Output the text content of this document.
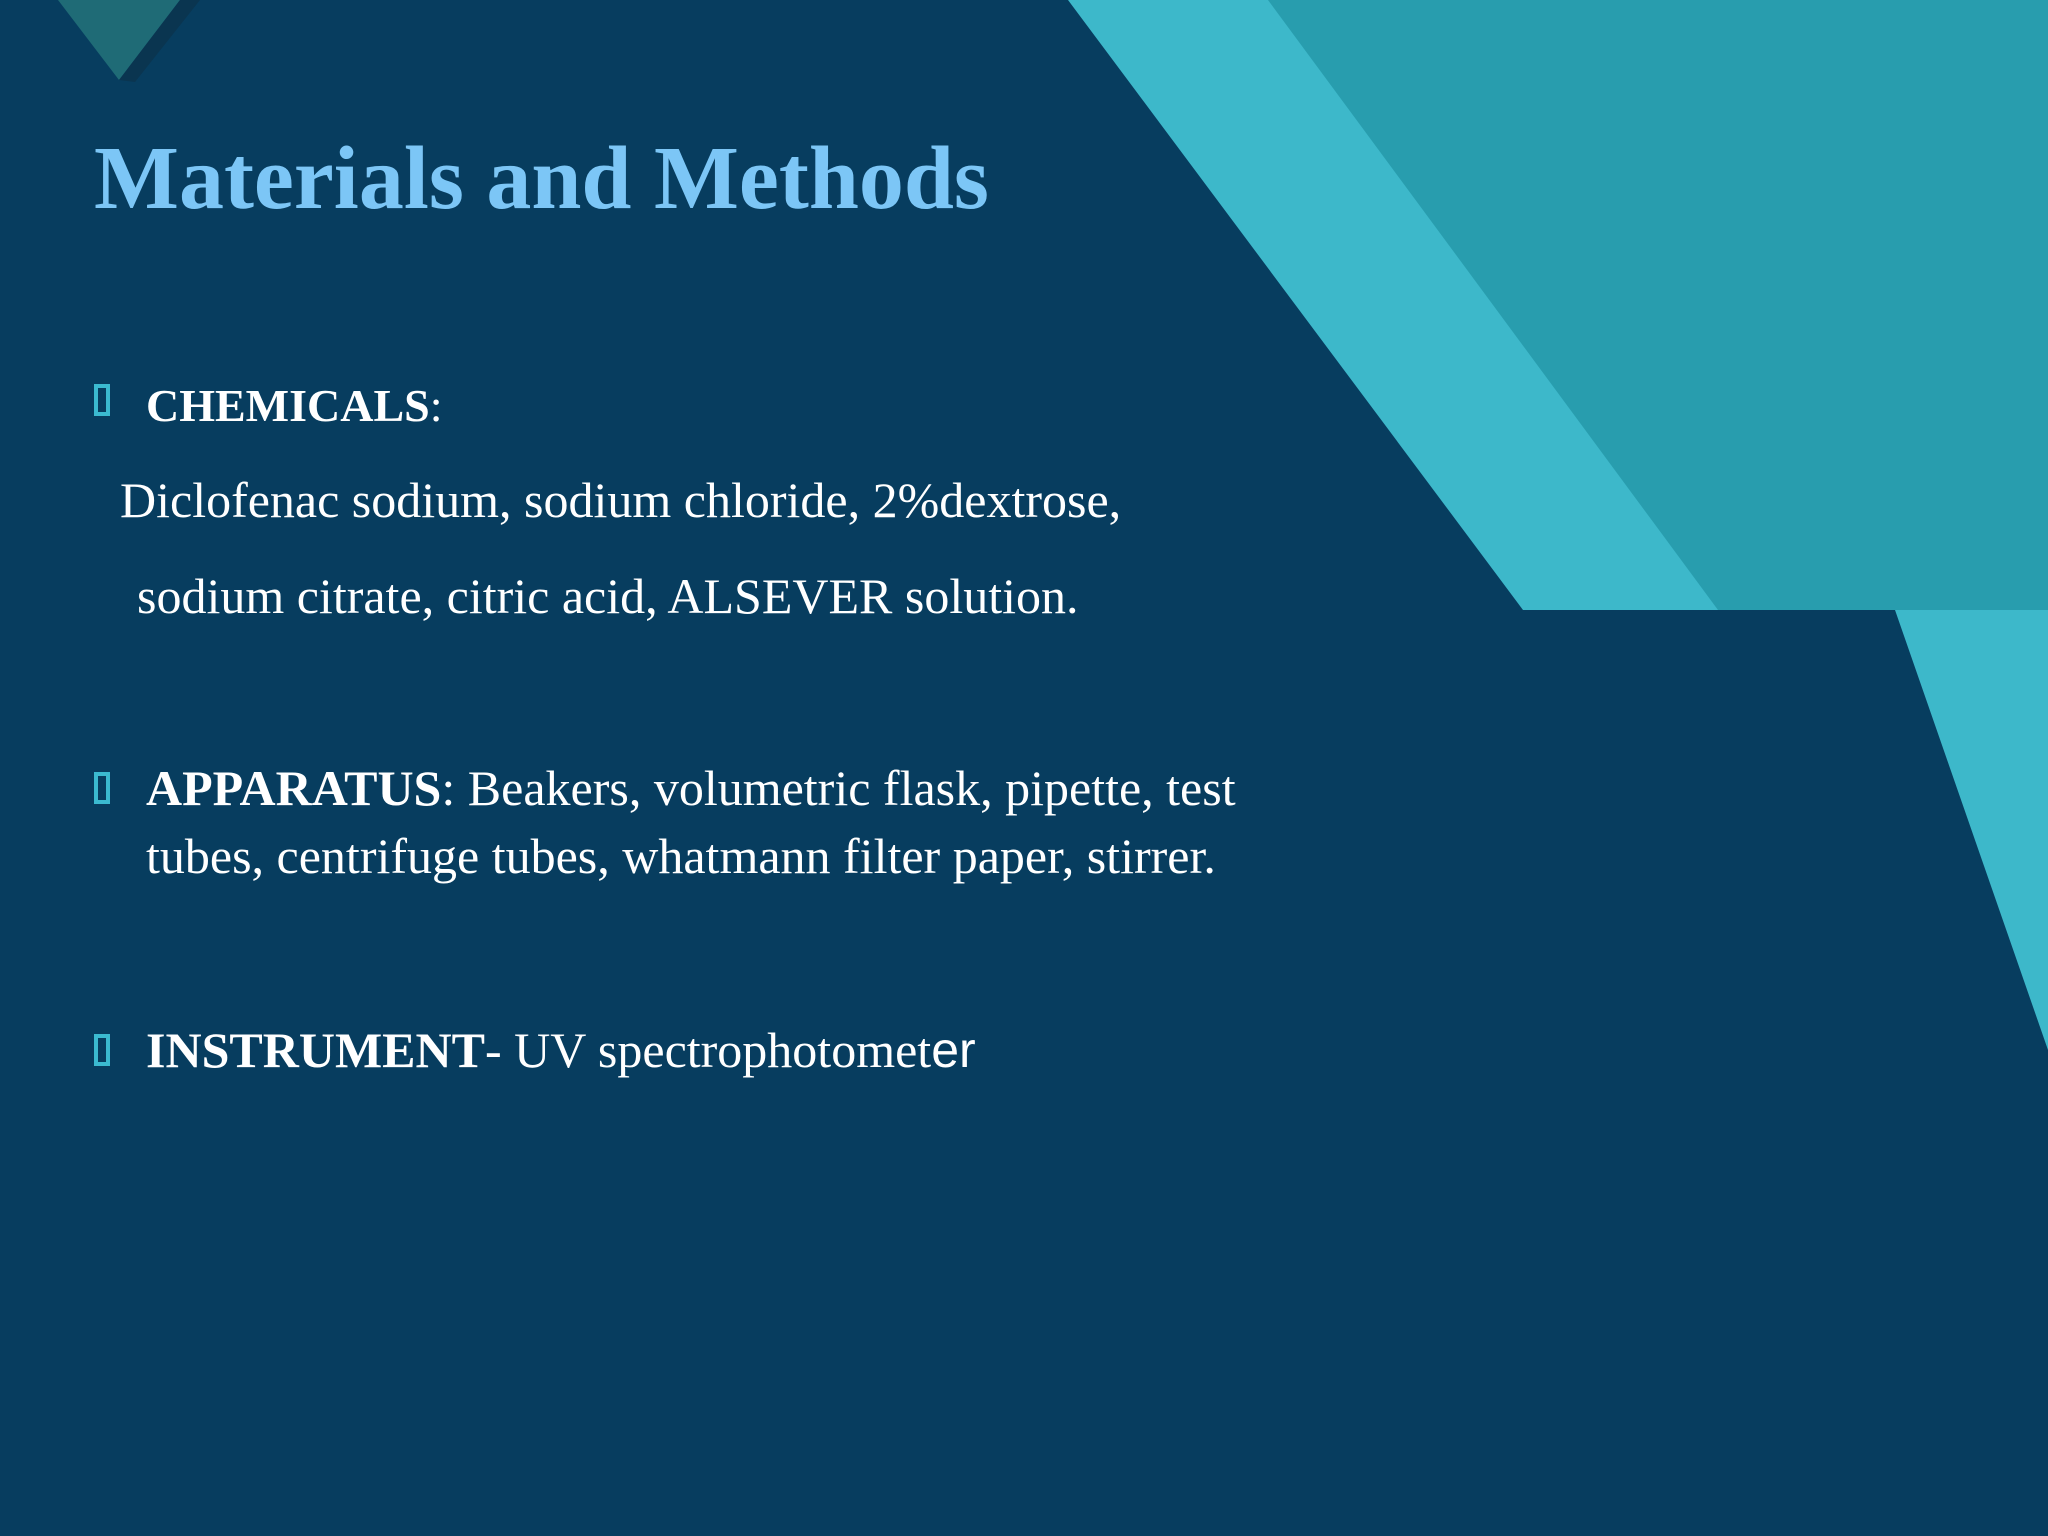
Materials and Methods
CHEMICALS:
Diclofenac sodium, sodium chloride, 2%dextrose,
sodium citrate, citric acid, ALSEVER solution.
APPARATUS: Beakers, volumetric flask, pipette, test
tubes, centrifuge tubes, whatmann filter paper, stirrer.
INSTRUMENT- UV spectrophotometer
